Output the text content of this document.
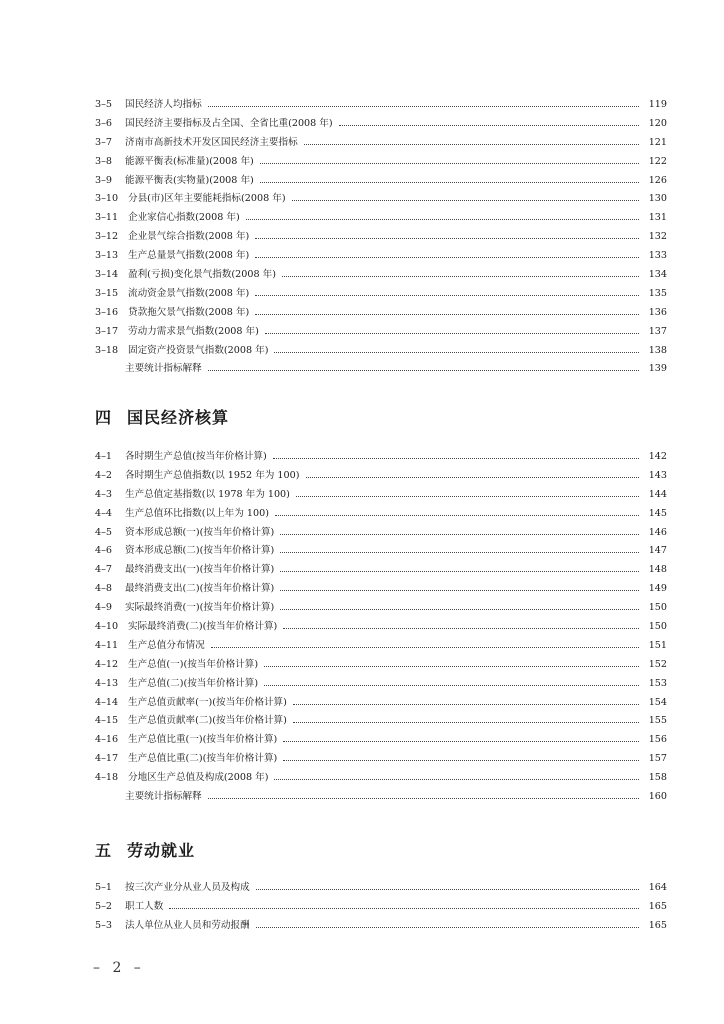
3–5	国民经济人均指标	119
3–6	国民经济主要指标及占全国、全省比重(2008 年)	120
3–7	济南市高新技术开发区国民经济主要指标	121
3–8	能源平衡表(标准量)(2008 年)	122
3–9	能源平衡表(实物量)(2008 年)	126
3–10	分县(市)区年主要能耗指标(2008 年)	130
3–11	企业家信心指数(2008 年)	131
3–12	企业景气综合指数(2008 年)	132
3–13	生产总量景气指数(2008 年)	133
3–14	盈利(亏损)变化景气指数(2008 年)	134
3–15	流动资金景气指数(2008 年)	135
3–16	贷款拖欠景气指数(2008 年)	136
3–17	劳动力需求景气指数(2008 年)	137
3–18	固定资产投资景气指数(2008 年)	138
主要统计指标解释	139
四 国民经济核算
4–1	各时期生产总值(按当年价格计算)	142
4–2	各时期生产总值指数(以 1952 年为 100)	143
4–3	生产总值定基指数(以 1978 年为 100)	144
4–4	生产总值环比指数(以上年为 100)	145
4–5	资本形成总额(一)(按当年价格计算)	146
4–6	资本形成总额(二)(按当年价格计算)	147
4–7	最终消费支出(一)(按当年价格计算)	148
4–8	最终消费支出(二)(按当年价格计算)	149
4–9	实际最终消费(一)(按当年价格计算)	150
4–10	实际最终消费(二)(按当年价格计算)	150
4–11	生产总值分布情况	151
4–12	生产总值(一)(按当年价格计算)	152
4–13	生产总值(二)(按当年价格计算)	153
4–14	生产总值贡献率(一)(按当年价格计算)	154
4–15	生产总值贡献率(二)(按当年价格计算)	155
4–16	生产总值比重(一)(按当年价格计算)	156
4–17	生产总值比重(二)(按当年价格计算)	157
4–18	分地区生产总值及构成(2008 年)	158
主要统计指标解释	160
五 劳动就业
5–1	按三次产业分从业人员及构成	164
5–2	职工人数	165
5–3	法人单位从业人员和劳动报酬	165
– 2 –
